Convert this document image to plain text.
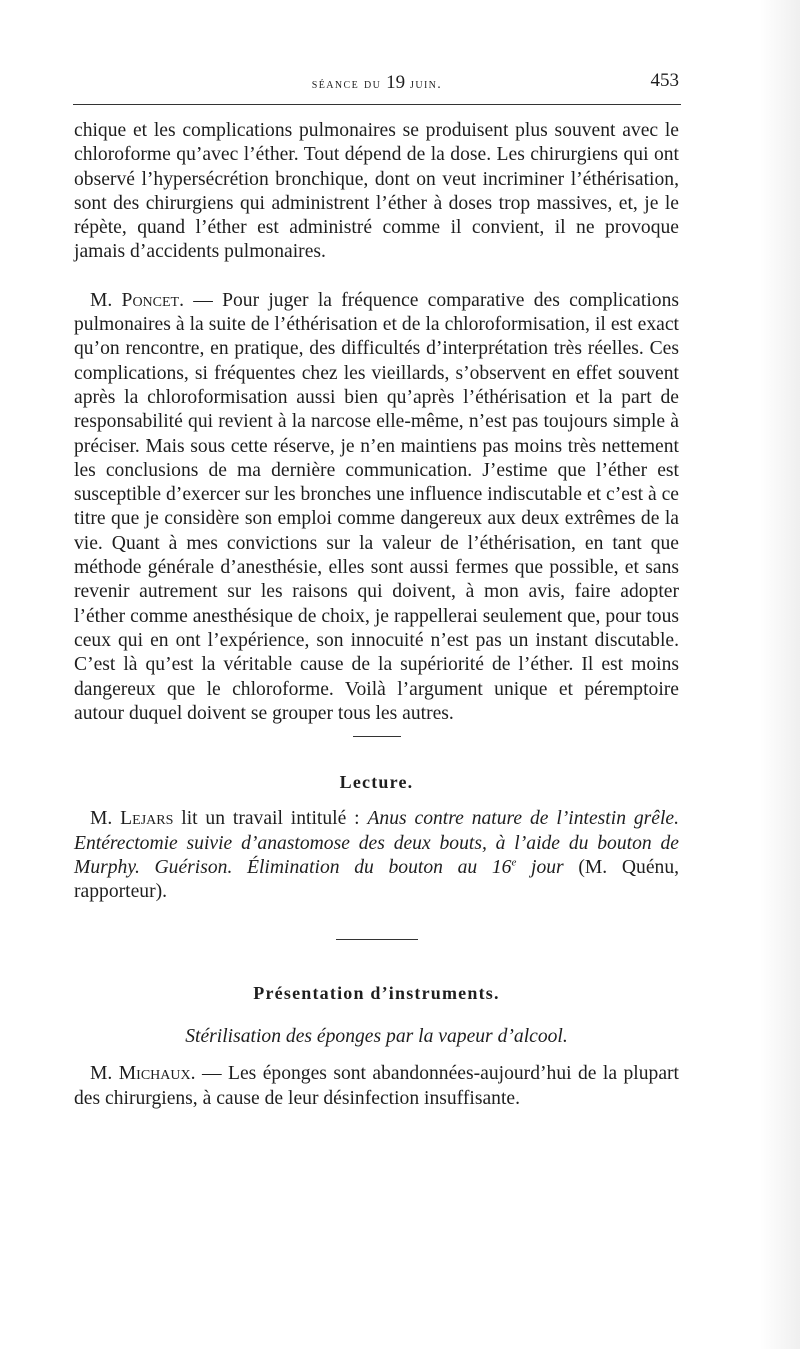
séance du 19 juin.	453

chique et les complications pulmonaires se produisent plus souvent avec le chloroforme qu’avec l’éther. Tout dépend de la dose. Les chirurgiens qui ont observé l’hypersécrétion bronchique, dont on veut incriminer l’éthérisation, sont des chirurgiens qui administrent l’éther à doses trop massives, et, je le répète, quand l’éther est administré comme il convient, il ne provoque jamais d’accidents pulmonaires.

M. Poncet. — Pour juger la fréquence comparative des complications pulmonaires à la suite de l’éthérisation et de la chloroformisation, il est exact qu’on rencontre, en pratique, des difficultés d’interprétation très réelles. Ces complications, si fréquentes chez les vieillards, s’observent en effet souvent après la chloroformisation aussi bien qu’après l’éthérisation et la part de responsabilité qui revient à la narcose elle-même, n’est pas toujours simple à préciser. Mais sous cette réserve, je n’en maintiens pas moins très nettement les conclusions de ma dernière communication. J’estime que l’éther est susceptible d’exercer sur les bronches une influence indiscutable et c’est à ce titre que je considère son emploi comme dangereux aux deux extrêmes de la vie. Quant à mes convictions sur la valeur de l’éthérisation, en tant que méthode générale d’anesthésie, elles sont aussi fermes que possible, et sans revenir autrement sur les raisons qui doivent, à mon avis, faire adopter l’éther comme anesthésique de choix, je rappellerai seulement que, pour tous ceux qui en ont l’expérience, son innocuité n’est pas un instant discutable. C’est là qu’est la véritable cause de la supériorité de l’éther. Il est moins dangereux que le chloroforme. Voilà l’argument unique et péremptoire autour duquel doivent se grouper tous les autres.

Lecture.

M. Lejars lit un travail intitulé : Anus contre nature de l’intestin grêle. Entérectomie suivie d’anastomose des deux bouts, à l’aide du bouton de Murphy. Guérison. Élimination du bouton au 16e jour (M. Quénu, rapporteur).

Présentation d’instruments.
Stérilisation des éponges par la vapeur d’alcool.

M. Michaux. — Les éponges sont abandonnées-aujourd’hui de la plupart des chirurgiens, à cause de leur désinfection insuffisante.
